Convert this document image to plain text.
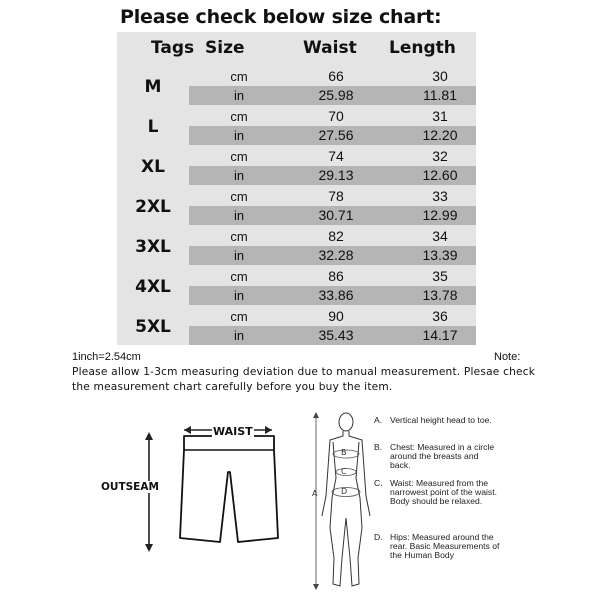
Please check below size chart:
Tags Size	Waist Length
M
cm	66	30
in	25.98	11.81
L
cm	70	31
in	27.56	12.20
XL
cm	74	32
in	29.13	12.60
2XL
cm	78	33
in	30.71	12.99
3XL
cm	82	34
in	32.28	13.39
4XL
cm	86	35
in	33.86	13.78
5XL
cm	90	36
in	35.43	14.17
1inch=2.54cm	Note:
Please allow 1-3cm measuring deviation due to manual measurement. Plesae check the measurement chart carefully before you buy the item.
WAIST
OUTSEAM
A
B
C
D
A. Vertical height head to toe.
B. Chest: Measured in a circle around the breasts and back.
C. Waist: Measured from the narrowest point of the waist. Body should be relaxed.
D. Hips: Measured around the rear. Basic Measurements of the Human Body
